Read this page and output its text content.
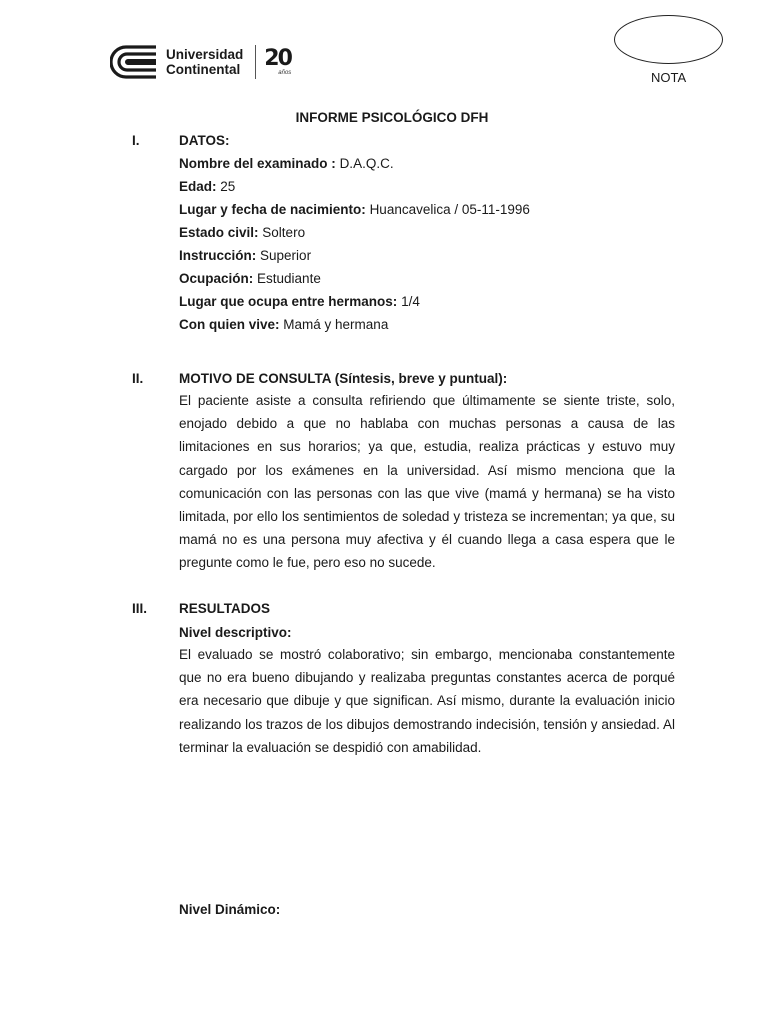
Universidad
Continental 20
años	NOTA
INFORME PSICOLÓGICO DFH
I.	DATOS:
Nombre del examinado : D.A.Q.C.
Edad: 25
Lugar y fecha de nacimiento: Huancavelica / 05-11-1996
Estado civil: Soltero
Instrucción: Superior
Ocupación: Estudiante
Lugar que ocupa entre hermanos: 1/4
Con quien vive: Mamá y hermana
II.	MOTIVO DE CONSULTA (Síntesis, breve y puntual):

El paciente asiste a consulta refiriendo que últimamente se siente triste, solo, enojado debido a que no hablaba con muchas personas a causa de las limitaciones en sus horarios; ya que, estudia, realiza prácticas y estuvo muy cargado por los exámenes en la universidad. Así mismo menciona que la comunicación con las personas con las que vive (mamá y hermana) se ha visto limitada, por ello los sentimientos de soledad y tristeza se incrementan; ya que, su mamá no es una persona muy afectiva y él cuando llega a casa espera que le pregunte como le fue, pero eso no sucede.

III. RESULTADOS
Nivel descriptivo:

El evaluado se mostró colaborativo; sin embargo, mencionaba constantemente que no era bueno dibujando y realizaba preguntas constantes acerca de porqué era necesario que dibuje y que significan. Así mismo, durante la evaluación inicio realizando los trazos de los dibujos demostrando indecisión, tensión y ansiedad. Al terminar la evaluación se despidió con amabilidad.

Nivel Dinámico:
